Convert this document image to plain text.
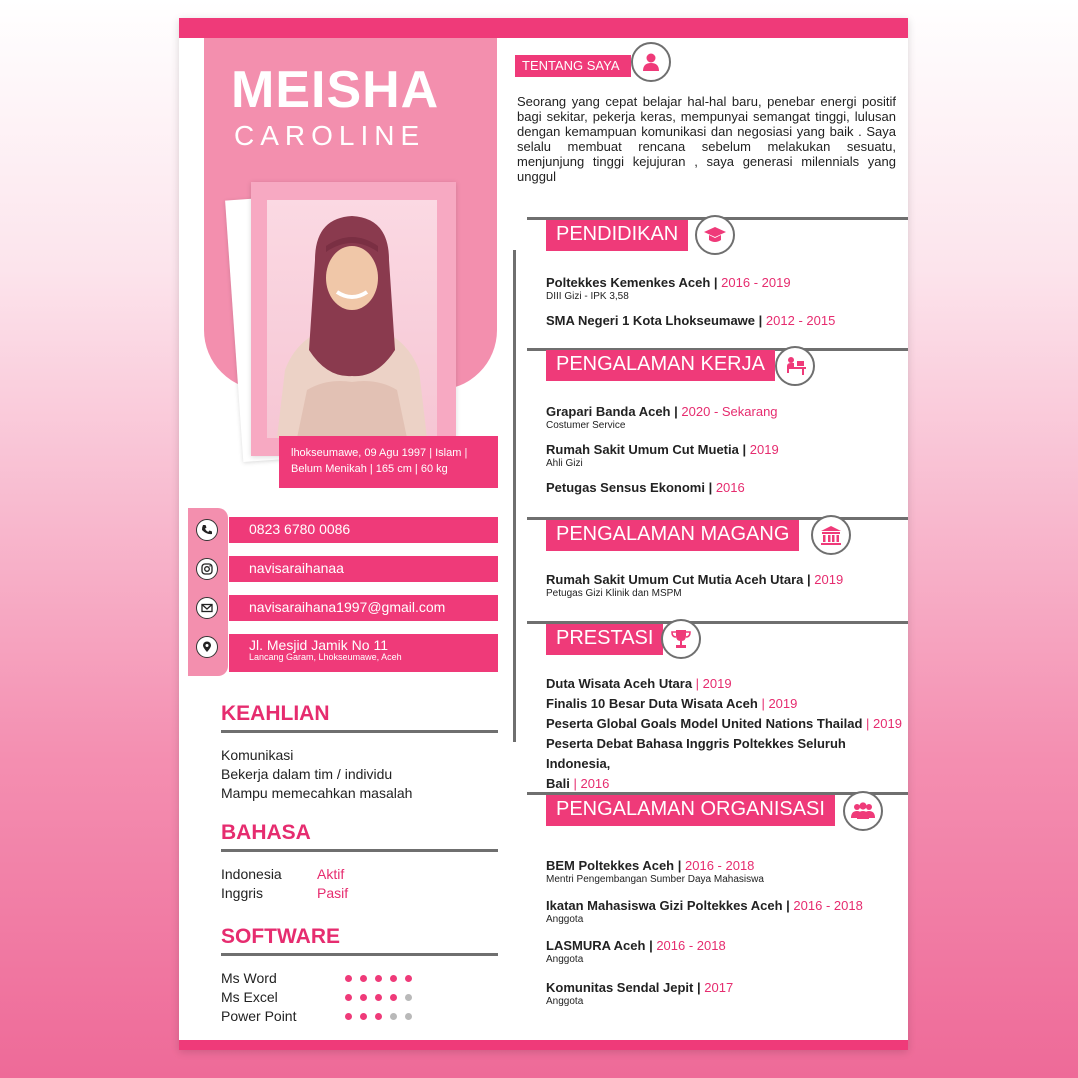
MEISHA
CAROLINE
lhokseumawe, 09 Agu 1997 | Islam |
Belum Menikah | 165 cm | 60 kg
0823 6780 0086
navisaraihanaa
navisaraihana1997@gmail.com
Jl. Mesjid Jamik No 11
Lancang Garam, Lhokseumawe, Aceh
KEAHLIAN
Komunikasi
Bekerja dalam tim / individu
Mampu memecahkan masalah
BAHASA
Indonesia	Aktif
Inggris	Pasif
SOFTWARE
Ms Word
Ms Excel
Power Point
TENTANG SAYA
Seorang yang cepat belajar hal-hal baru, penebar energi positif bagi sekitar, pekerja keras, mempunyai semangat tinggi, lulusan dengan kemampuan komunikasi dan negosiasi yang baik . Saya selalu membuat rencana sebelum melakukan sesuatu, menjunjung tinggi kejujuran , saya generasi milennials yang unggul
PENDIDIKAN
Poltekkes Kemenkes Aceh | 2016 - 2019
DIII Gizi - IPK 3,58
SMA Negeri 1 Kota Lhokseumawe | 2012 - 2015
PENGALAMAN KERJA
Grapari Banda Aceh | 2020 - Sekarang
Costumer Service
Rumah Sakit Umum Cut Muetia | 2019
Ahli Gizi
Petugas Sensus Ekonomi | 2016
PENGALAMAN MAGANG
Rumah Sakit Umum Cut Mutia Aceh Utara | 2019
Petugas Gizi Klinik dan MSPM
PRESTASI
Duta Wisata Aceh Utara | 2019
Finalis 10 Besar Duta Wisata Aceh | 2019
Peserta Global Goals Model United Nations Thailad | 2019
Peserta Debat Bahasa Inggris Poltekkes Seluruh Indonesia,
Bali | 2016
PENGALAMAN ORGANISASI
BEM Poltekkes Aceh | 2016 - 2018
Mentri Pengembangan Sumber Daya Mahasiswa
Ikatan Mahasiswa Gizi Poltekkes Aceh | 2016 - 2018
Anggota
LASMURA Aceh | 2016 - 2018
Anggota
Komunitas Sendal Jepit | 2017
Anggota
